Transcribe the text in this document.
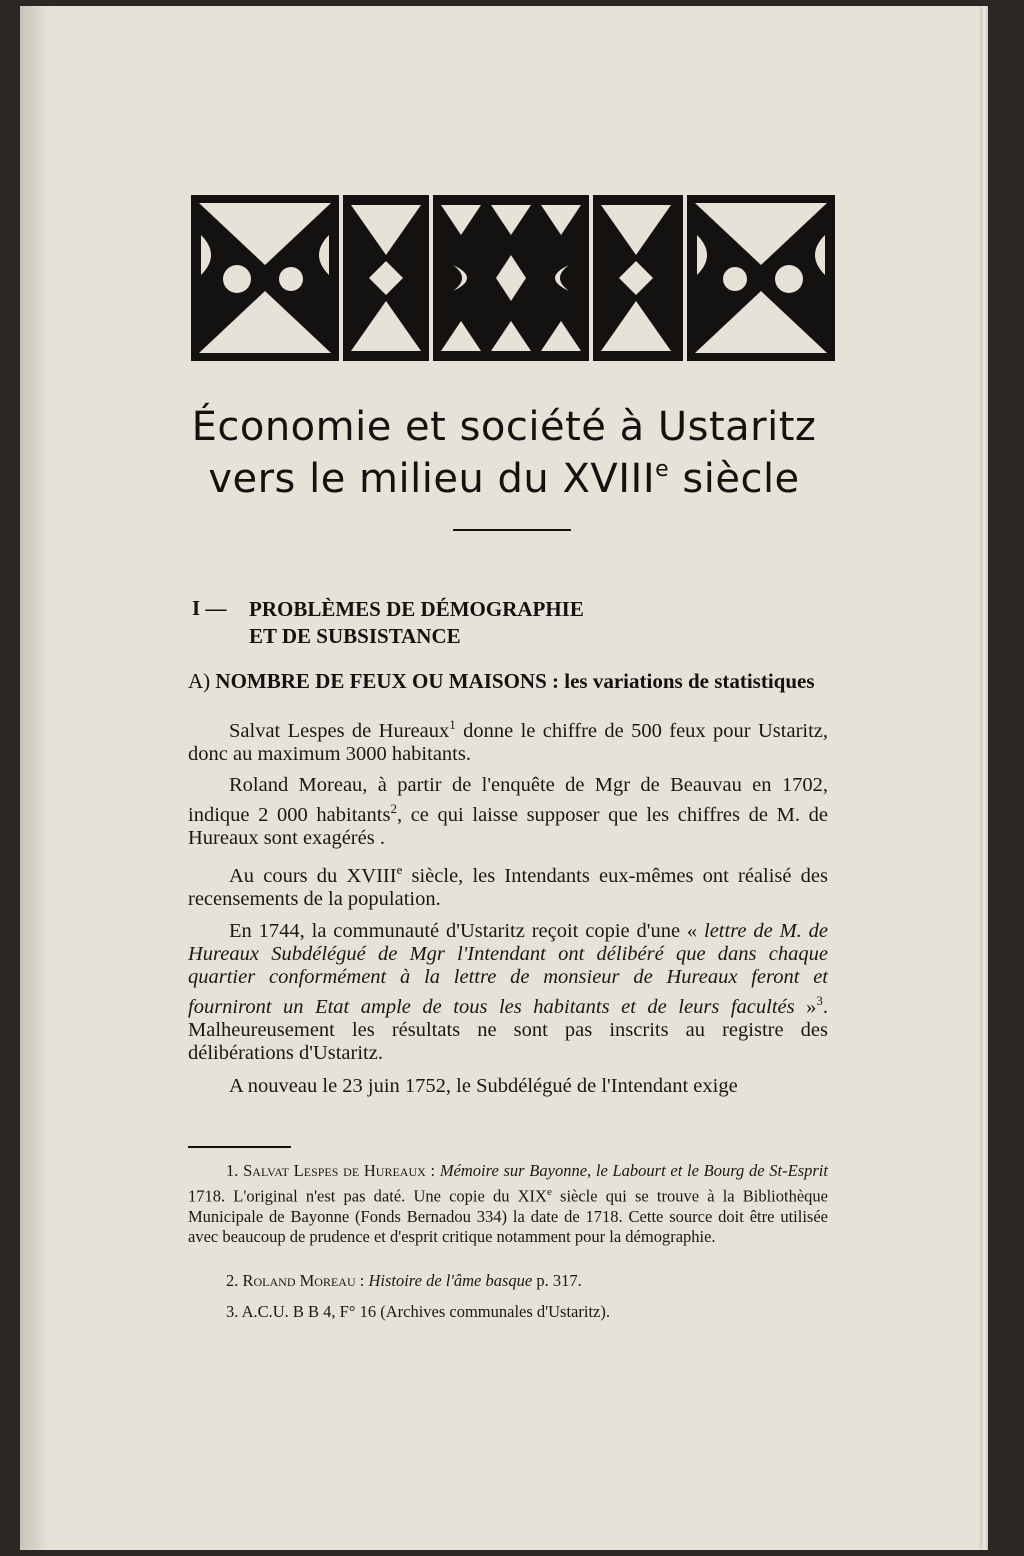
Économie et société à Ustaritz
vers le milieu du XVIIIe siècle
I — PROBLÈMES DE DÉMOGRAPHIE
ET DE SUBSISTANCE
A) NOMBRE DE FEUX OU MAISONS : les variations de statistiques
Salvat Lespes de Hureaux$^1$ donne le chiffre de 500 feux pour Ustaritz, donc au maximum 3000 habitants.
Roland Moreau, à partir de l'enquête de Mgr de Beauvau en 1702, indique 2 000 habitants$^2$, ce qui laisse supposer que les chiffres de M. de Hureaux sont exagérés .
Au cours du XVIIIe siècle, les Intendants eux-mêmes ont réalisé des recensements de la population.
En 1744, la communauté d'Ustaritz reçoit copie d'une « lettre de M. de Hureaux Subdélégué de Mgr l'Intendant ont délibéré que dans chaque quartier conformément à la lettre de monsieur de Hureaux feront et fourniront un Etat ample de tous les habitants et de leurs facultés »$^3$. Malheureusement les résultats ne sont pas inscrits au registre des délibérations d'Ustaritz.
A nouveau le 23 juin 1752, le Subdélégué de l'Intendant exige
1. Salvat Lespes de Hureaux : Mémoire sur Bayonne, le Labourt et le Bourg de St-Esprit 1718. L'original n'est pas daté. Une copie du XIXe siècle qui se trouve à la Bibliothèque Municipale de Bayonne (Fonds Bernadou 334) la date de 1718. Cette source doit être utilisée avec beaucoup de prudence et d'esprit critique notamment pour la démographie.
2. Roland Moreau : Histoire de l'âme basque p. 317.
3. A.C.U. B B 4, F° 16 (Archives communales d'Ustaritz).
